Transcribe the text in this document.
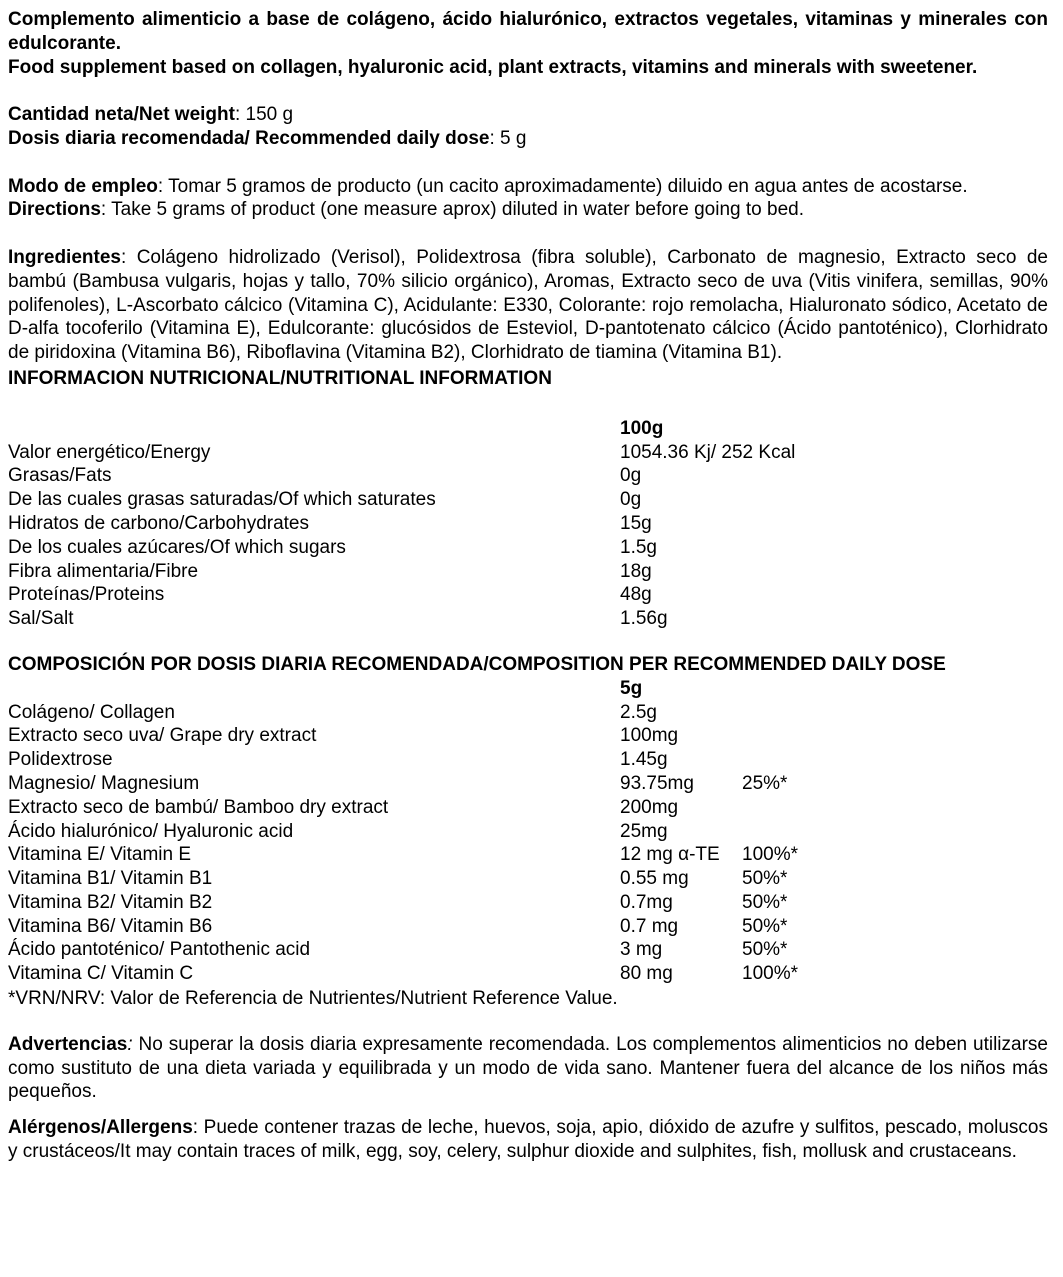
Complemento alimenticio a base de colágeno, ácido hialurónico, extractos vegetales, vitaminas y minerales con edulcorante.

Food supplement based on collagen, hyaluronic acid, plant extracts, vitamins and minerals with sweetener.

Cantidad neta/Net weight: 150 g

Dosis diaria recomendada/ Recommended daily dose: 5 g

Modo de empleo: Tomar 5 gramos de producto (un cacito aproximadamente) diluido en agua antes de acostarse.

Directions: Take 5 grams of product (one measure aprox) diluted in water before going to bed.

Ingredientes: Colágeno hidrolizado (Verisol), Polidextrosa (fibra soluble), Carbonato de magnesio, Extracto seco de bambú (Bambusa vulgaris, hojas y tallo, 70% silicio orgánico), Aromas, Extracto seco de uva (Vitis vinifera, semillas, 90% polifenoles), L-Ascorbato cálcico (Vitamina C), Acidulante: E330, Colorante: rojo remolacha, Hialuronato sódico, Acetato de D-alfa tocoferilo (Vitamina E), Edulcorante: glucósidos de Esteviol, D-pantotenato cálcico (Ácido pantoténico), Clorhidrato de piridoxina (Vitamina B6), Riboflavina (Vitamina B2), Clorhidrato de tiamina (Vitamina B1).

INFORMACION NUTRICIONAL/NUTRITIONAL INFORMATION

100g
Valor energético/Energy	1054.36 Kj/ 252 Kcal
Grasas/Fats	0g
De las cuales grasas saturadas/Of which saturates	0g
Hidratos de carbono/Carbohydrates	15g
De los cuales azúcares/Of which sugars	1.5g
Fibra alimentaria/Fibre	18g
Proteínas/Proteins	48g
Sal/Salt	1.56g

COMPOSICIÓN POR DOSIS DIARIA RECOMENDADA/COMPOSITION PER RECOMMENDED DAILY DOSE

5g
Colágeno/ Collagen	2.5g
Extracto seco uva/ Grape dry extract	100mg
Polidextrose	1.45g
Magnesio/ Magnesium	93.75mg	25%*
Extracto seco de bambú/ Bamboo dry extract	200mg
Ácido hialurónico/ Hyaluronic acid	25mg
Vitamina E/ Vitamin E	12 mg α-TE	100%*
Vitamina B1/ Vitamin B1	0.55 mg	50%*
Vitamina B2/ Vitamin B2	0.7mg	50%*
Vitamina B6/ Vitamin B6	0.7 mg	50%*
Ácido pantoténico/ Pantothenic acid	3 mg	50%*
Vitamina C/ Vitamin C	80 mg	100%*

*VRN/NRV: Valor de Referencia de Nutrientes/Nutrient Reference Value.

Advertencias: No superar la dosis diaria expresamente recomendada. Los complementos alimenticios no deben utilizarse como sustituto de una dieta variada y equilibrada y un modo de vida sano. Mantener fuera del alcance de los niños más pequeños.

Alérgenos/Allergens: Puede contener trazas de leche, huevos, soja, apio, dióxido de azufre y sulfitos, pescado, moluscos y crustáceos/It may contain traces of milk, egg, soy, celery, sulphur dioxide and sulphites, fish, mollusk and crustaceans.
